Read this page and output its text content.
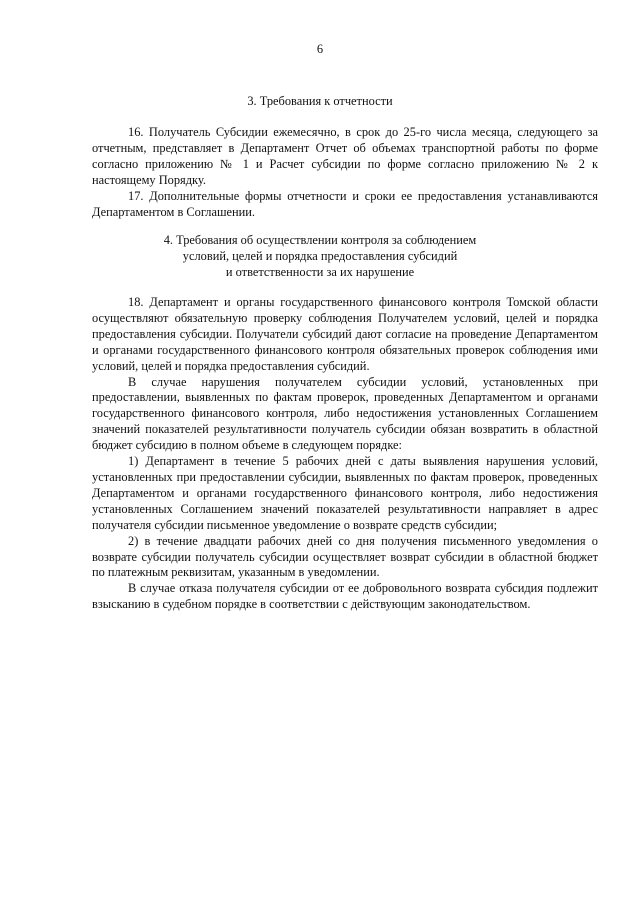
6
3. Требования к отчетности

16. Получатель Субсидии ежемесячно, в срок до 25-го числа месяца, следующего за отчетным, представляет в Департамент Отчет об объемах транспортной работы по форме согласно приложению № 1 и Расчет субсидии по форме согласно приложению № 2 к настоящему Порядку.

17. Дополнительные формы отчетности и сроки ее предоставления устанавливаются Департаментом в Соглашении.

4. Требования об осуществлении контроля за соблюдением
условий, целей и порядка предоставления субсидий
и ответственности за их нарушение

18. Департамент и органы государственного финансового контроля Томской области осуществляют обязательную проверку соблюдения Получателем условий, целей и порядка предоставления субсидии. Получатели субсидий дают согласие на проведение Департаментом и органами государственного финансового контроля обязательных проверок соблюдения ими условий, целей и порядка предоставления субсидий.

В случае нарушения получателем субсидии условий, установленных при предоставлении, выявленных по фактам проверок, проведенных Департаментом и органами государственного финансового контроля, либо недостижения установленных Соглашением значений показателей результативности получатель субсидии обязан возвратить в областной бюджет субсидию в полном объеме в следующем порядке:

1) Департамент в течение 5 рабочих дней с даты выявления нарушения условий, установленных при предоставлении субсидии, выявленных по фактам проверок, проведенных Департаментом и органами государственного финансового контроля, либо недостижения установленных Соглашением значений показателей результативности направляет в адрес получателя субсидии письменное уведомление о возврате средств субсидии;

2) в течение двадцати рабочих дней со дня получения письменного уведомления о возврате субсидии получатель субсидии осуществляет возврат субсидии в областной бюджет по платежным реквизитам, указанным в уведомлении.

В случае отказа получателя субсидии от ее добровольного возврата субсидия подлежит взысканию в судебном порядке в соответствии с действующим законодательством.
